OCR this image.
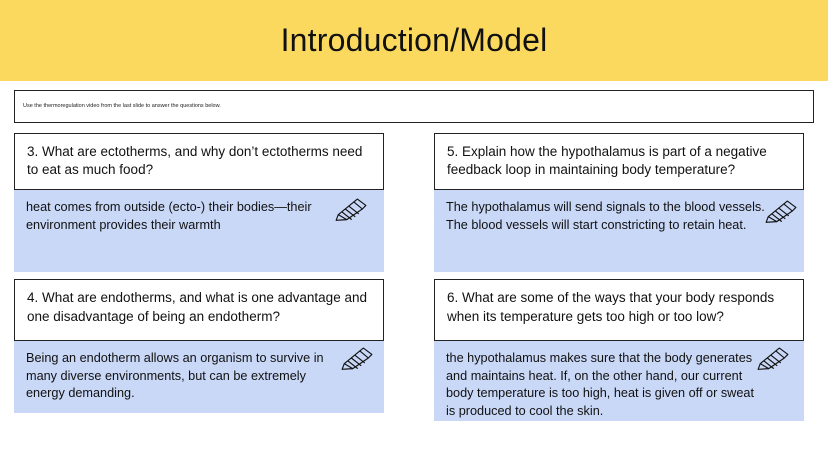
Introduction/Model
Use the thermoregulation video from the last slide to answer the questions below.
3. What are ectotherms, and why don’t ectotherms need to eat as much food?
heat comes from outside (ecto-) their bodies—their environment provides their warmth
4. What are endotherms, and what is one advantage and one disadvantage of being an endotherm?
Being an endotherm allows an organism to survive in many diverse environments, but can be extremely energy demanding.
5. Explain how the hypothalamus is part of a negative feedback loop in maintaining body temperature?
The hypothalamus will send signals to the blood vessels. The blood vessels will start constricting to retain heat.
6. What are some of the ways that your body responds when its temperature gets too high or too low?
the hypothalamus makes sure that the body generates and maintains heat. If, on the other hand, our current body temperature is too high, heat is given off or sweat is produced to cool the skin.
